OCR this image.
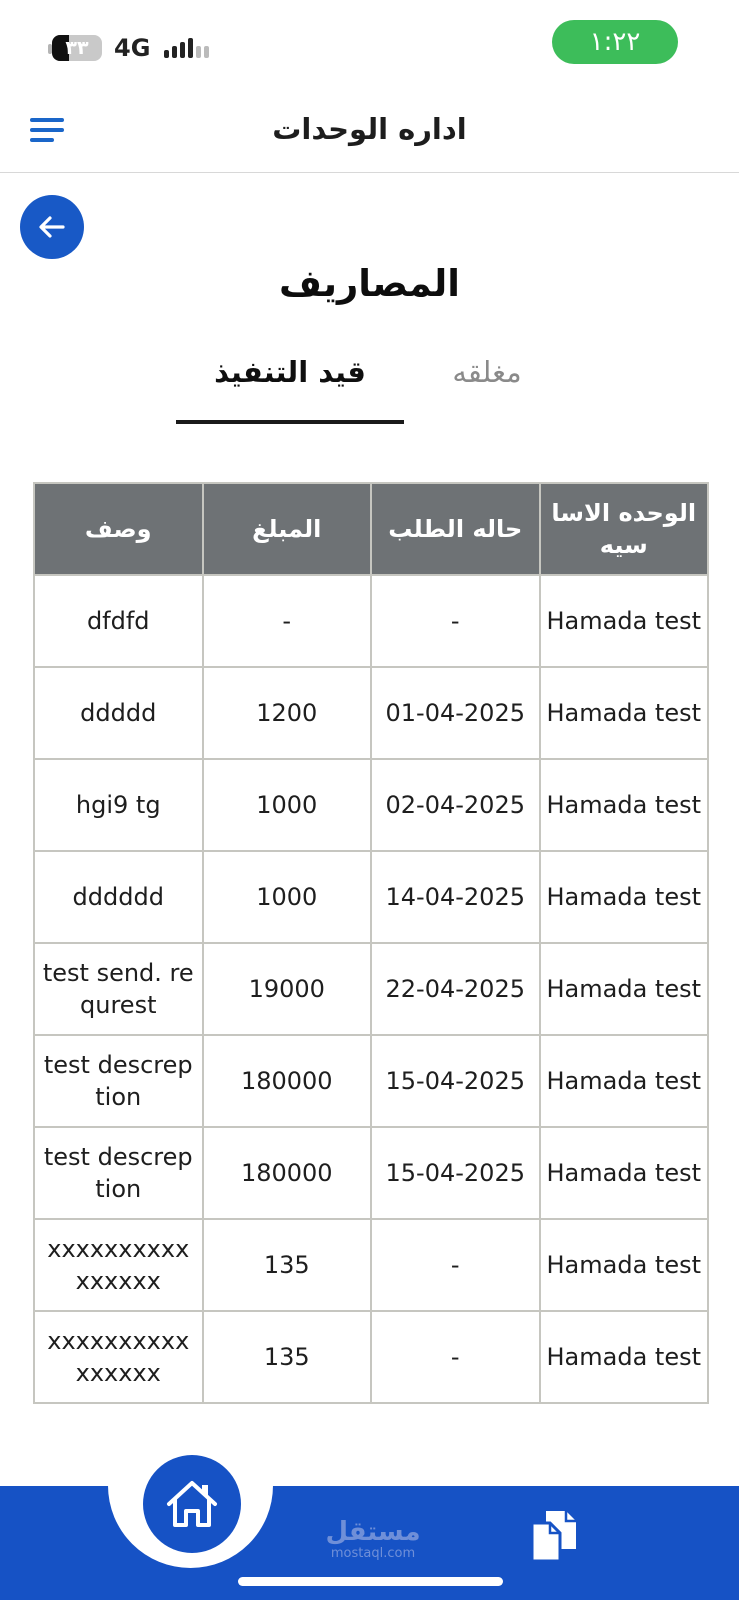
٣٣	4G	١:٢٢
اداره الوحدات
المصاريف
قيد التنفيذ	مغلقه
الوحده الاساسيه	حاله الطلب	المبلغ	وصف
Hamada test	-	-	dfdfd
Hamada test	01-04-2025	1200	ddddd
Hamada test	02-04-2025	1000	hgi9 tg
Hamada test	14-04-2025	1000	dddddd
Hamada test	22-04-2025	19000	test send. requrest
Hamada test	15-04-2025	180000	test descreption
Hamada test	15-04-2025	180000	test descreption
Hamada test	-	135	xxxxxxxxxxxxxxxx
Hamada test	-	135	xxxxxxxxxxxxxxxx
مستقل
mostaql.com
